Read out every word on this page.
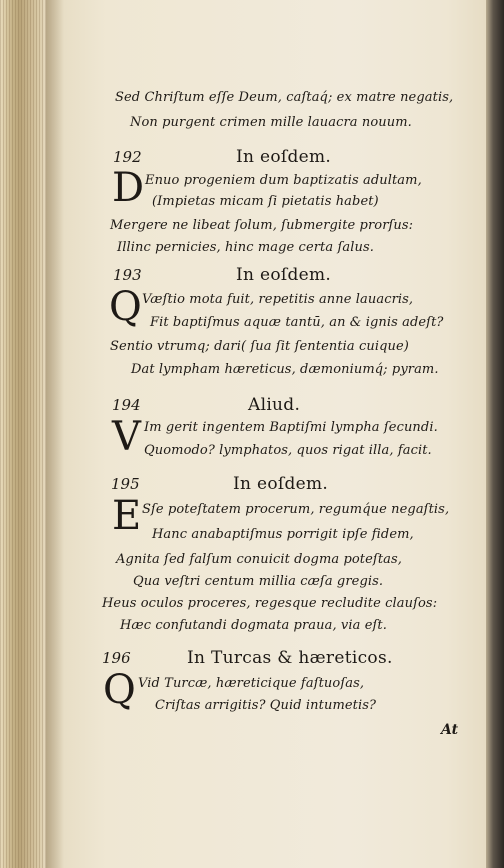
Sed Chriſtum eſſe Deum, caſtaq́; ex matre negatis,
Non purgent crimen mille lauacra nouum.
192	In eoſdem.
D Enuo progeniem dum baptizatis adultam,
(Impietas micam ſi pietatis habet)
Mergere ne libeat ſolum, ſubmergite prorſus:
Illinc pernicies, hinc mage certa ſalus.
193	In eoſdem.
Q Væſtio mota fuit, repetitis anne lauacris,
Fit baptiſmus aquæ tantū, an & ignis adeſt?
Sentio vtrumq; dari( ſua ſit ſententia cuique)
Dat lympham hæreticus, dæmoniumq́; pyram.
194	Aliud.
V Im gerit ingentem Baptiſmi lympha ſecundi.
Quomodo? lymphatos, quos rigat illa, facit.
195	In eoſdem.
E Sſe poteſtatem procerum, regumq́ue negaſtis,
Hanc anabaptiſmus porrigit ipſe fidem,
Agnita ſed falſum conuicit dogma poteſtas,
Qua veſtri centum millia cæſa gregis.
Heus oculos proceres, regesque recludite clauſos:
Hæc confutandi dogmata praua, via eſt.
196	In Turcas & hæreticos.
Q Vid Turcæ, hæreticique faſtuoſas,
Criſtas arrigitis? Quid intumetis?
At
